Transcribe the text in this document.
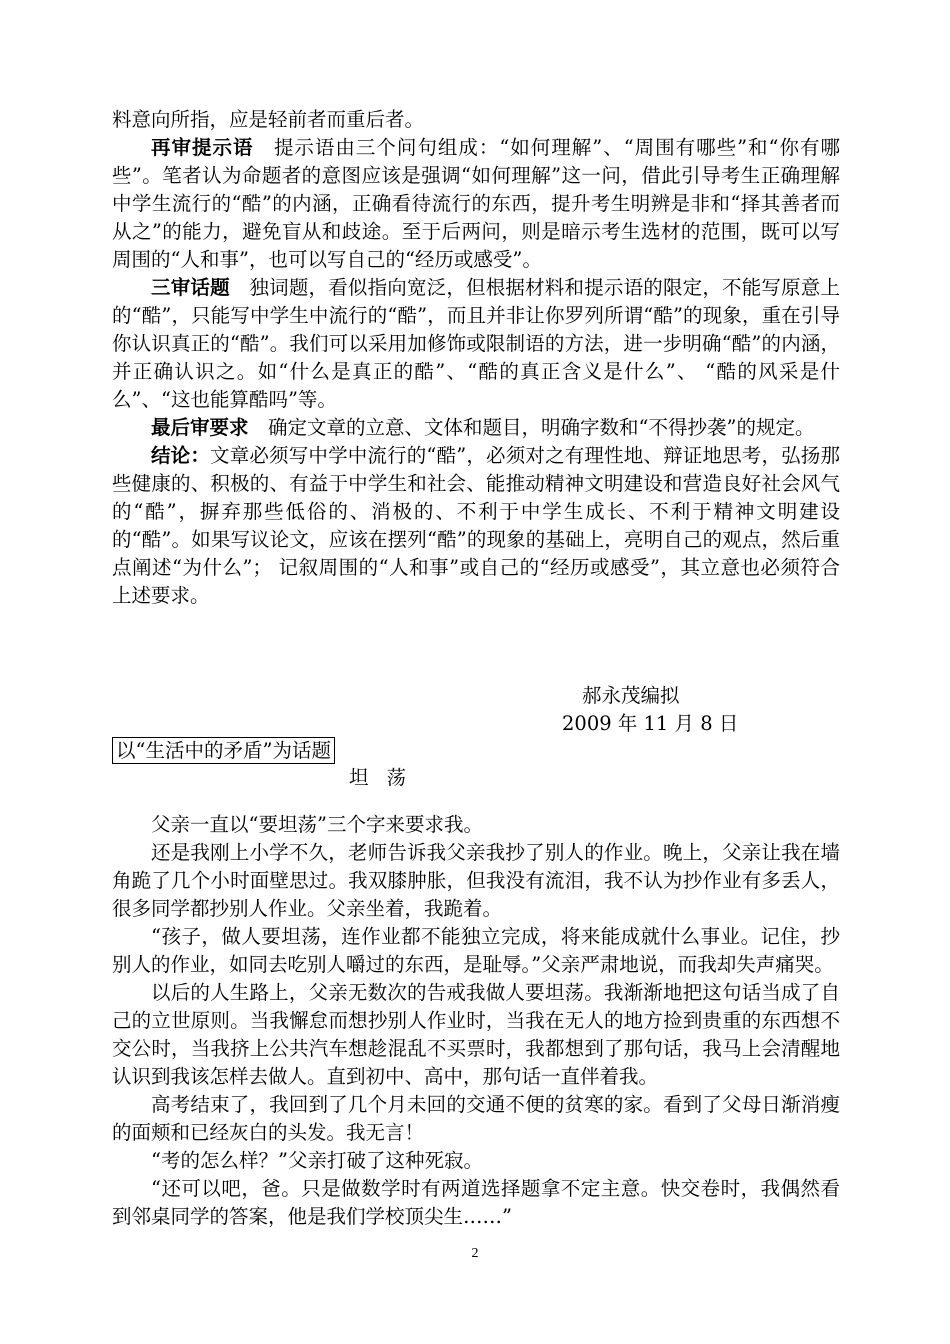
料意向所指，应是轻前者而重后者。

再审提示语 提示语由三个问句组成：“如何理解”、“周围有哪些”和“你有哪些”。笔者认为命题者的意图应该是强调“如何理解”这一问，借此引导考生正确理解中学生流行的“酷”的内涵，正确看待流行的东西，提升考生明辨是非和“择其善者而从之”的能力，避免盲从和歧途。至于后两问，则是暗示考生选材的范围，既可以写周围的“人和事”，也可以写自己的“经历或感受”。

三审话题 独词题，看似指向宽泛，但根据材料和提示语的限定，不能写原意上的“酷”，只能写中学生中流行的“酷”，而且并非让你罗列所谓“酷”的现象，重在引导你认识真正的“酷”。我们可以采用加修饰或限制语的方法，进一步明确“酷”的内涵，并正确认识之。如“什么是真正的酷”、“酷的真正含义是什么”、 “酷的风采是什么”、“这也能算酷吗”等。

最后审要求 确定文章的立意、文体和题目，明确字数和“不得抄袭”的规定。

结论：文章必须写中学中流行的“酷”，必须对之有理性地、辩证地思考，弘扬那些健康的、积极的、有益于中学生和社会、能推动精神文明建设和营造良好社会风气的“酷”，摒弃那些低俗的、消极的、不利于中学生成长、不利于精神文明建设的“酷”。如果写议论文，应该在摆列“酷”的现象的基础上，亮明自己的观点，然后重点阐述“为什么”； 记叙周围的“人和事”或自己的“经历或感受”，其立意也必须符合上述要求。

郝永茂编拟
2009 年 11 月 8 日
以“生活中的矛盾”为话题
坦荡

父亲一直以“要坦荡”三个字来要求我。

还是我刚上小学不久，老师告诉我父亲我抄了别人的作业。晚上，父亲让我在墙角跪了几个小时面壁思过。我双膝肿胀，但我没有流泪，我不认为抄作业有多丢人，很多同学都抄别人作业。父亲坐着，我跪着。

“孩子，做人要坦荡，连作业都不能独立完成，将来能成就什么事业。记住，抄别人的作业，如同去吃别人嚼过的东西，是耻辱。”父亲严肃地说，而我却失声痛哭。

以后的人生路上，父亲无数次的告戒我做人要坦荡。我渐渐地把这句话当成了自己的立世原则。当我懈怠而想抄别人作业时，当我在无人的地方捡到贵重的东西想不交公时，当我挤上公共汽车想趁混乱不买票时，我都想到了那句话，我马上会清醒地认识到我该怎样去做人。直到初中、高中，那句话一直伴着我。

高考结束了，我回到了几个月未回的交通不便的贫寒的家。看到了父母日渐消瘦的面颊和已经灰白的头发。我无言！

“考的怎么样？”父亲打破了这种死寂。

“还可以吧，爸。只是做数学时有两道选择题拿不定主意。快交卷时，我偶然看到邻桌同学的答案，他是我们学校顶尖生……”

2
